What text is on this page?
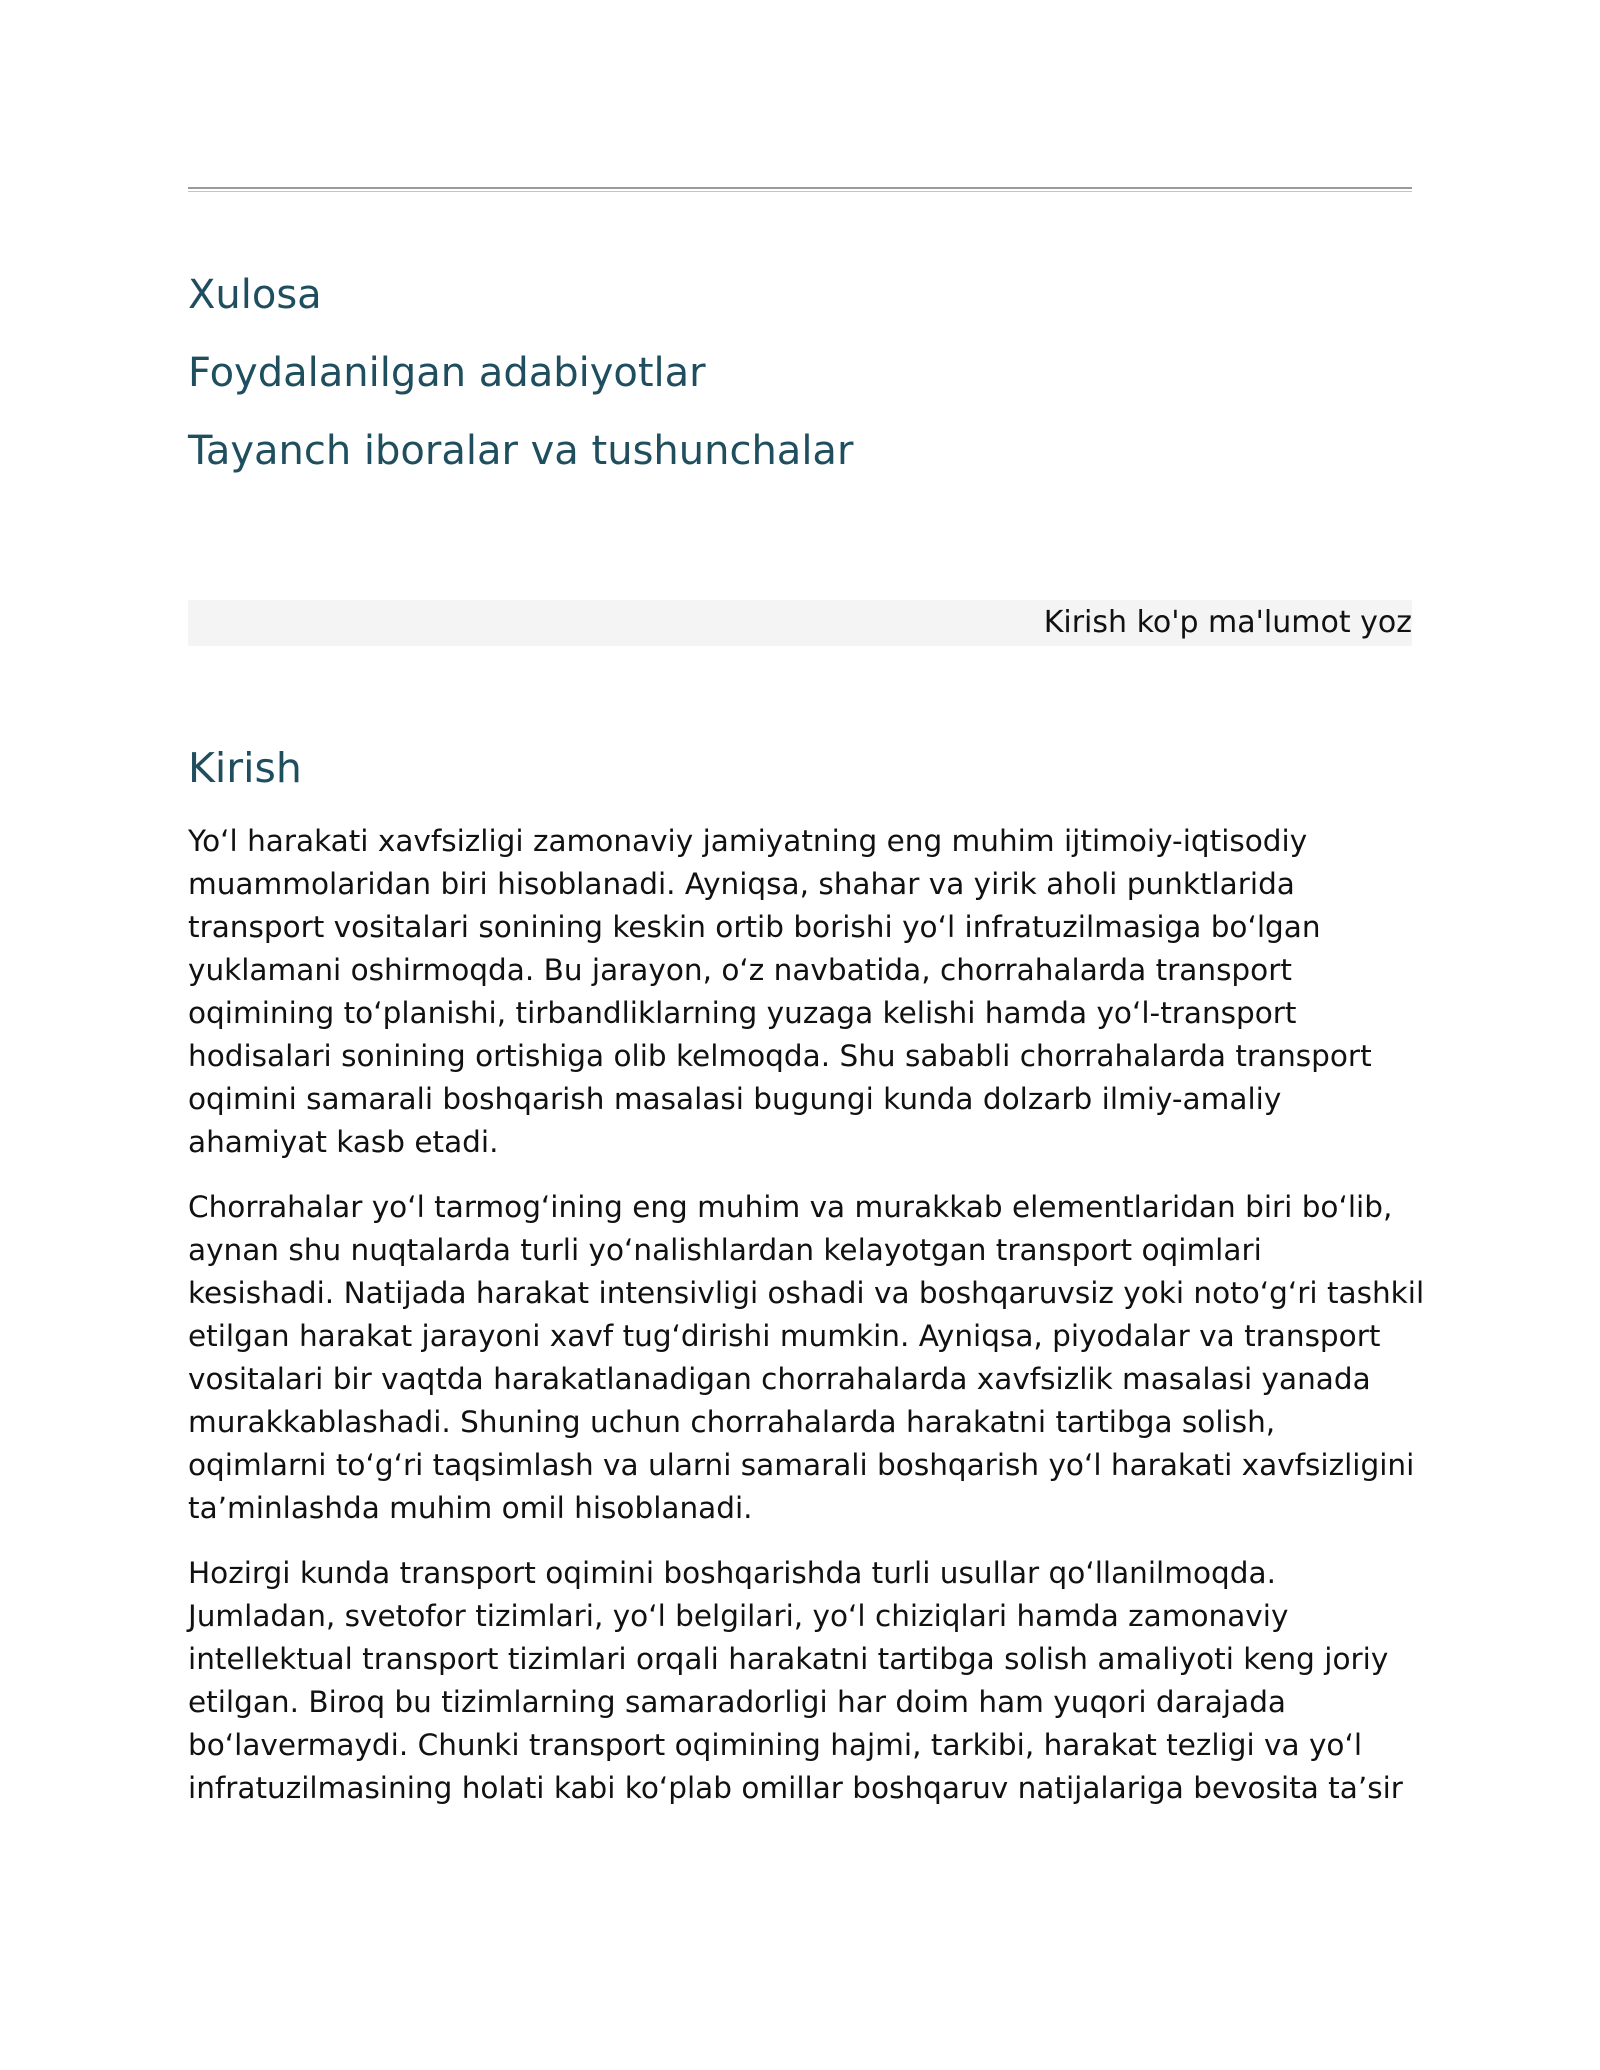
Xulosa
Foydalanilgan adabiyotlar
Tayanch iboralar va tushunchalar
Kirish ko'p ma'lumot yoz
Kirish

Yo‘l harakati xavfsizligi zamonaviy jamiyatning eng muhim ijtimoiy-iqtisodiy
muammolaridan biri hisoblanadi. Ayniqsa, shahar va yirik aholi punktlarida
transport vositalari sonining keskin ortib borishi yo‘l infratuzilmasiga bo‘lgan
yuklamani oshirmoqda. Bu jarayon, o‘z navbatida, chorrahalarda transport
oqimining to‘planishi, tirbandliklarning yuzaga kelishi hamda yo‘l-transport
hodisalari sonining ortishiga olib kelmoqda. Shu sababli chorrahalarda transport
oqimini samarali boshqarish masalasi bugungi kunda dolzarb ilmiy-amaliy
ahamiyat kasb etadi.

Chorrahalar yo‘l tarmog‘ining eng muhim va murakkab elementlaridan biri bo‘lib,
aynan shu nuqtalarda turli yo‘nalishlardan kelayotgan transport oqimlari
kesishadi. Natijada harakat intensivligi oshadi va boshqaruvsiz yoki noto‘g‘ri tashkil
etilgan harakat jarayoni xavf tug‘dirishi mumkin. Ayniqsa, piyodalar va transport
vositalari bir vaqtda harakatlanadigan chorrahalarda xavfsizlik masalasi yanada
murakkablashadi. Shuning uchun chorrahalarda harakatni tartibga solish,
oqimlarni to‘g‘ri taqsimlash va ularni samarali boshqarish yo‘l harakati xavfsizligini
ta’minlashda muhim omil hisoblanadi.

Hozirgi kunda transport oqimini boshqarishda turli usullar qo‘llanilmoqda.
Jumladan, svetofor tizimlari, yo‘l belgilari, yo‘l chiziqlari hamda zamonaviy
intellektual transport tizimlari orqali harakatni tartibga solish amaliyoti keng joriy
etilgan. Biroq bu tizimlarning samaradorligi har doim ham yuqori darajada
bo‘lavermaydi. Chunki transport oqimining hajmi, tarkibi, harakat tezligi va yo‘l
infratuzilmasining holati kabi ko‘plab omillar boshqaruv natijalariga bevosita ta’sir
